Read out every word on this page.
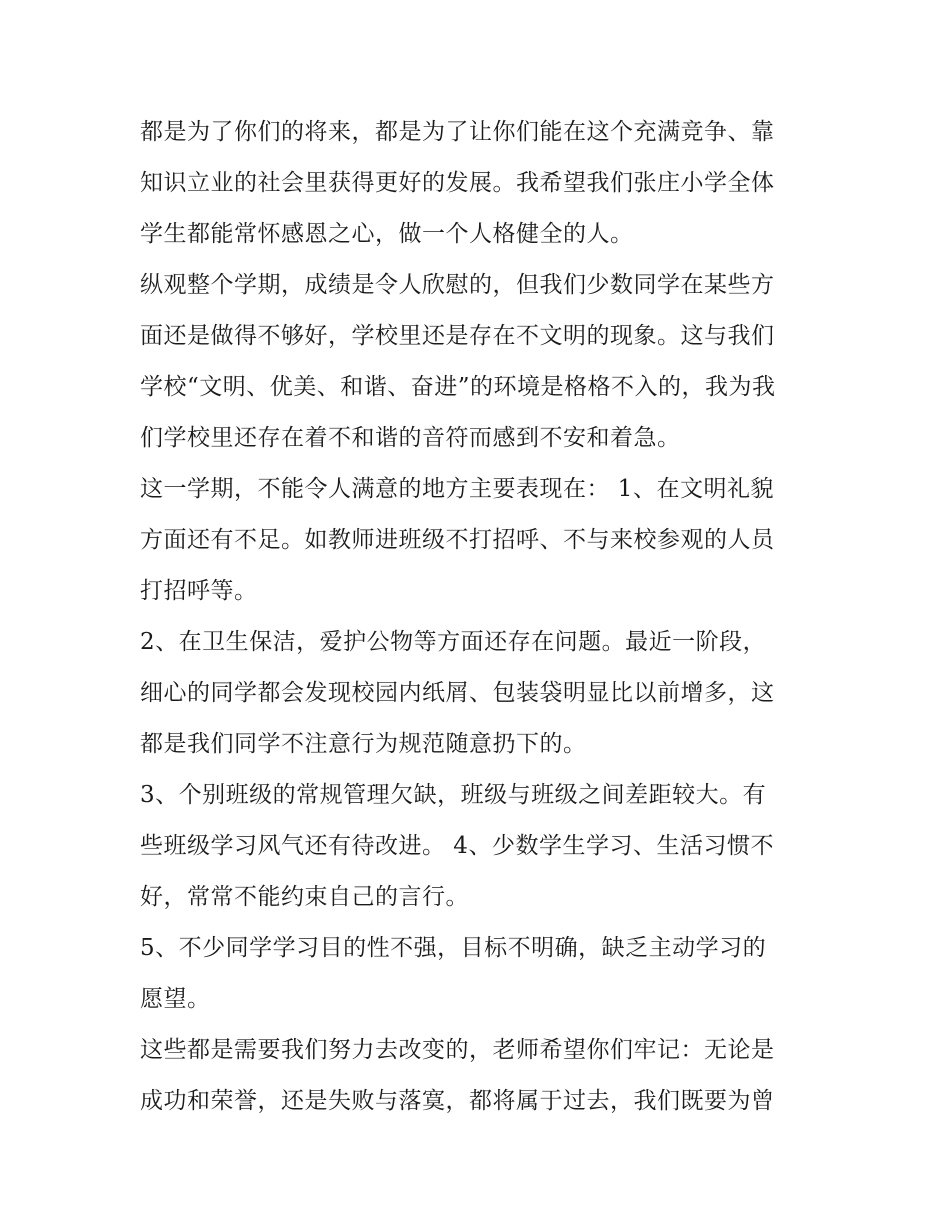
都是为了你们的将来，都是为了让你们能在这个充满竞争、靠
知识立业的社会里获得更好的发展。我希望我们张庄小学全体
学生都能常怀感恩之心，做一个人格健全的人。
纵观整个学期，成绩是令人欣慰的，但我们少数同学在某些方
面还是做得不够好，学校里还是存在不文明的现象。这与我们
学校“文明、优美、和谐、奋进”的环境是格格不入的，我为我
们学校里还存在着不和谐的音符而感到不安和着急。
这一学期，不能令人满意的地方主要表现在： 1、在文明礼貌
方面还有不足。如教师进班级不打招呼、不与来校参观的人员
打招呼等。
2、在卫生保洁，爱护公物等方面还存在问题。最近一阶段，
细心的同学都会发现校园内纸屑、包装袋明显比以前增多，这
都是我们同学不注意行为规范随意扔下的。
3、个别班级的常规管理欠缺，班级与班级之间差距较大。有
些班级学习风气还有待改进。 4、少数学生学习、生活习惯不
好，常常不能约束自己的言行。
5、不少同学学习目的性不强，目标不明确，缺乏主动学习的
愿望。
这些都是需要我们努力去改变的，老师希望你们牢记：无论是
成功和荣誉，还是失败与落寞，都将属于过去，我们既要为曾
